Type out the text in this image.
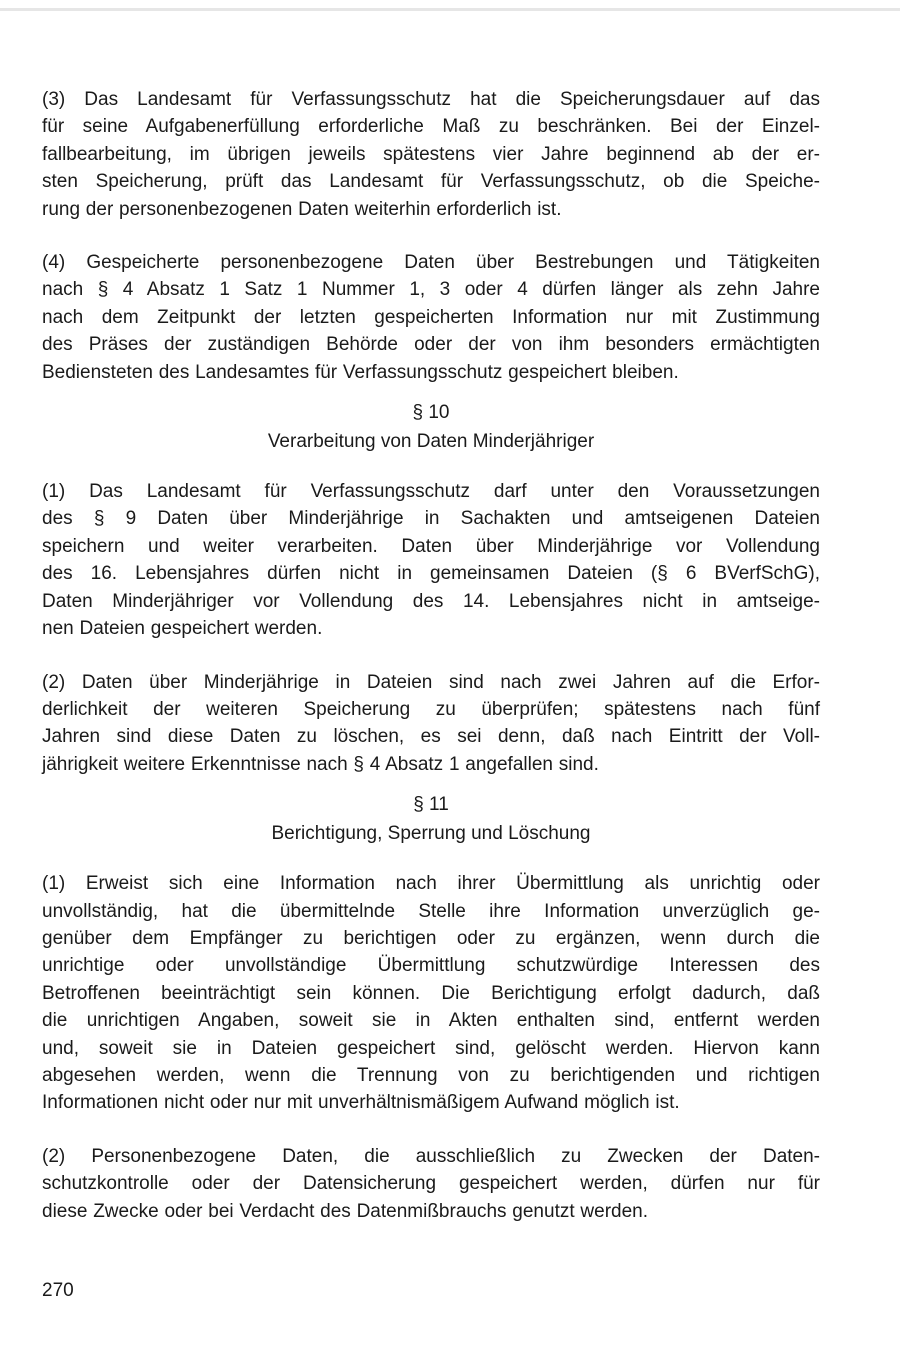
(3) Das Landesamt für Verfassungsschutz hat die Speicherungsdauer auf das
für seine Aufgabenerfüllung erforderliche Maß zu beschränken. Bei der Einzel-
fallbearbeitung, im übrigen jeweils spätestens vier Jahre beginnend ab der er-
sten Speicherung, prüft das Landesamt für Verfassungsschutz, ob die Speiche-
rung der personenbezogenen Daten weiterhin erforderlich ist.

(4) Gespeicherte personenbezogene Daten über Bestrebungen und Tätigkeiten
nach § 4 Absatz 1 Satz 1 Nummer 1, 3 oder 4 dürfen länger als zehn Jahre
nach dem Zeitpunkt der letzten gespeicherten Information nur mit Zustimmung
des Präses der zuständigen Behörde oder der von ihm besonders ermächtigten
Bediensteten des Landesamtes für Verfassungsschutz gespeichert bleiben.

§ 10
Verarbeitung von Daten Minderjähriger

(1) Das Landesamt für Verfassungsschutz darf unter den Voraussetzungen
des § 9 Daten über Minderjährige in Sachakten und amtseigenen Dateien
speichern und weiter verarbeiten. Daten über Minderjährige vor Vollendung
des 16. Lebensjahres dürfen nicht in gemeinsamen Dateien (§ 6 BVerfSchG),
Daten Minderjähriger vor Vollendung des 14. Lebensjahres nicht in amtseige-
nen Dateien gespeichert werden.

(2) Daten über Minderjährige in Dateien sind nach zwei Jahren auf die Erfor-
derlichkeit der weiteren Speicherung zu überprüfen; spätestens nach fünf
Jahren sind diese Daten zu löschen, es sei denn, daß nach Eintritt der Voll-
jährigkeit weitere Erkenntnisse nach § 4 Absatz 1 angefallen sind.

§ 11
Berichtigung, Sperrung und Löschung

(1) Erweist sich eine Information nach ihrer Übermittlung als unrichtig oder
unvollständig, hat die übermittelnde Stelle ihre Information unverzüglich ge-
genüber dem Empfänger zu berichtigen oder zu ergänzen, wenn durch die
unrichtige oder unvollständige Übermittlung schutzwürdige Interessen des
Betroffenen beeinträchtigt sein können. Die Berichtigung erfolgt dadurch, daß
die unrichtigen Angaben, soweit sie in Akten enthalten sind, entfernt werden
und, soweit sie in Dateien gespeichert sind, gelöscht werden. Hiervon kann
abgesehen werden, wenn die Trennung von zu berichtigenden und richtigen
Informationen nicht oder nur mit unverhältnismäßigem Aufwand möglich ist.

(2) Personenbezogene Daten, die ausschließlich zu Zwecken der Daten-
schutzkontrolle oder der Datensicherung gespeichert werden, dürfen nur für
diese Zwecke oder bei Verdacht des Datenmißbrauchs genutzt werden.

270
